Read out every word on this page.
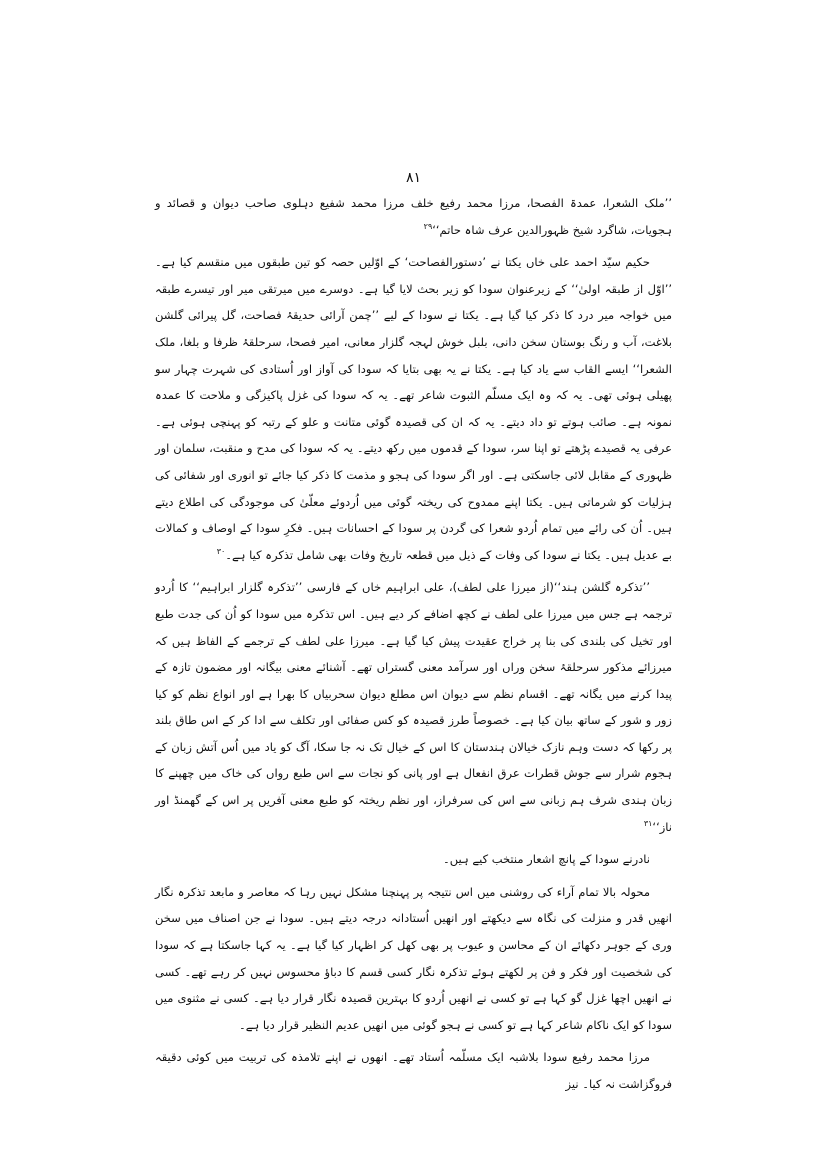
۸۱

’’ملک الشعرا، عمدۃ الفصحا، مرزا محمد رفیع خلف مرزا محمد شفیع دہلوی صاحب دیوان و قصائد و ہجویات، شاگرد شیخ ظہورالدین عرف شاہ حاتم‘‘$^{۲۹}$

حکیم سیّد احمد علی خاں یکتا نے ’دستورالفصاحت‘ کے اوّلیں حصہ کو تین طبقوں میں منقسم کیا ہے۔ ’’اوّل از طبقہ اولیٰ‘‘ کے زیرعنوان سودا کو زیر بحث لایا گیا ہے۔ دوسرے میں میرتقی میر اور تیسرے طبقہ میں خواجہ میر درد کا ذکر کیا گیا ہے۔ یکتا نے سودا کے لیے ’’چمن آرائی حدیقۂ فصاحت، گل پیرائی گلشن بلاغت، آب و رنگ بوستان سخن دانی، بلبل خوش لہجہ گلزار معانی، امیر فصحا، سرحلقۂ ظرفا و بلغا، ملک الشعرا‘‘ ایسے القاب سے یاد کیا ہے۔ یکتا نے یہ بھی بتایا کہ سودا کی آواز اور اُستادی کی شہرت چہار سو پھیلی ہوئی تھی۔ یہ کہ وہ ایک مسلّم الثبوت شاعر تھے۔ یہ کہ سودا کی غزل پاکیزگی و ملاحت کا عمدہ نمونہ ہے۔ صائب ہوتے تو داد دیتے۔ یہ کہ ان کی قصیدہ گوئی متانت و علو کے رتبہ کو پہنچی ہوئی ہے۔ عرفی یہ قصیدے پڑھتے تو اپنا سر، سودا کے قدموں میں رکھ دیتے۔ یہ کہ سودا کی مدح و منقبت، سلمان اور ظہوری کے مقابل لائی جاسکتی ہے۔ اور اگر سودا کی ہجو و مذمت کا ذکر کیا جائے تو انوری اور شفائی کی ہزلیات کو شرماتی ہیں۔ یکتا اپنے ممدوح کی ریختہ گوئی میں اُردوئے معلّیٰ کی موجودگی کی اطلاع دیتے ہیں۔ اُن کی رائے میں تمام اُردو شعرا کی گردن پر سودا کے احسانات ہیں۔ فکرِ سودا کے اوصاف و کمالات بے عدیل ہیں۔ یکتا نے سودا کی وفات کے ذیل میں قطعہ تاریخ وفات بھی شامل تذکرہ کیا ہے۔$^{۳۰}$

’’تذکرہ گلشن ہند‘‘(از میرزا علی لطف)، علی ابراہیم خاں کے فارسی ’’تذکرہ گلزار ابراہیم‘‘ کا اُردو ترجمہ ہے جس میں میرزا علی لطف نے کچھ اضافے کر دیے ہیں۔ اس تذکرہ میں سودا کو اُن کی جدت طبع اور تخیل کی بلندی کی بنا پر خراج عقیدت پیش کیا گیا ہے۔ میرزا علی لطف کے ترجمے کے الفاظ ہیں کہ میرزائے مذکور سرحلقۂ سخن وراں اور سرآمد معنی گستراں تھے۔ آشنائے معنی بیگانہ اور مضمون تازہ کے پیدا کرنے میں یگانہ تھے۔ اقسام نظم سے دیوان اس مطلع دیوان سحربیاں کا بھرا ہے اور انواع نظم کو کیا زور و شور کے ساتھ بیان کیا ہے۔ خصوصاً طرز قصیدہ کو کس صفائی اور تکلف سے ادا کر کے اس طاق بلند پر رکھا کہ دست وہم نازک خیالان ہندستان کا اس کے خیال تک نہ جا سکا، آگ کو یاد میں اُس آتش زبان کے ہجوم شرار سے جوش قطرات عرق انفعال ہے اور پانی کو نجات سے اس طبع رواں کی خاک میں چھپنے کا زبان ہندی شرف ہم زبانی سے اس کی سرفراز، اور نظم ریختہ کو طبع معنی آفریں پر اس کے گھمنڈ اور ناز‘‘$^{۳۱}$

نادرنے سودا کے پانچ اشعار منتخب کیے ہیں۔

محولہ بالا تمام آراء کی روشنی میں اس نتیجہ پر پہنچنا مشکل نہیں رہا کہ معاصر و مابعد تذکرہ نگار انھیں قدر و منزلت کی نگاہ سے دیکھتے اور انھیں اُستادانہ درجہ دیتے ہیں۔ سودا نے جن اصناف میں سخن وری کے جوہر دکھائے ان کے محاسن و عیوب پر بھی کھل کر اظہار کیا گیا ہے۔ یہ کہا جاسکتا ہے کہ سودا کی شخصیت اور فکر و فن پر لکھتے ہوئے تذکرہ نگار کسی قسم کا دباؤ محسوس نہیں کر رہے تھے۔ کسی نے انھیں اچھا غزل گو کہا ہے تو کسی نے انھیں اُردو کا بہترین قصیدہ نگار قرار دیا ہے۔ کسی نے مثنوی میں سودا کو ایک ناکام شاعر کہا ہے تو کسی نے ہجو گوئی میں انھیں عدیم النظیر قرار دیا ہے۔

مرزا محمد رفیع سودا بلاشبہ ایک مسلّمہ اُستاد تھے۔ انھوں نے اپنے تلامذہ کی تربیت میں کوئی دقیقہ فروگزاشت نہ کیا۔ نیز
